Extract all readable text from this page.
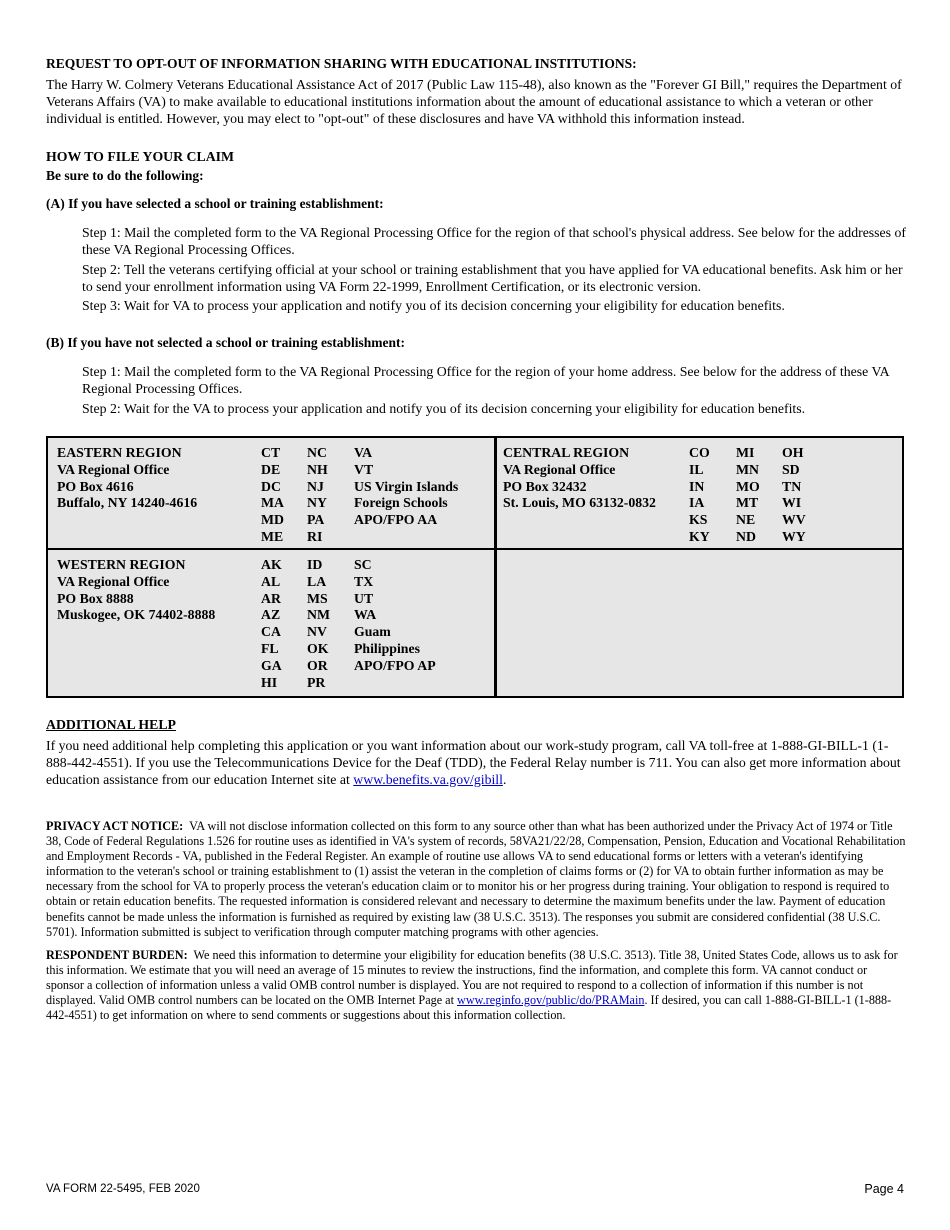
REQUEST TO OPT-OUT OF INFORMATION SHARING WITH EDUCATIONAL INSTITUTIONS:
The Harry W. Colmery Veterans Educational Assistance Act of 2017 (Public Law 115-48), also known as the "Forever GI Bill," requires the Department of Veterans Affairs (VA) to make available to educational institutions information about the amount of educational assistance to which a veteran or other individual is entitled. However, you may elect to "opt-out" of these disclosures and have VA withhold this information instead.
HOW TO FILE YOUR CLAIM
Be sure to do the following:
(A) If you have selected a school or training establishment:
Step 1: Mail the completed form to the VA Regional Processing Office for the region of that school's physical address. See below for the addresses of these VA Regional Processing Offices.
Step 2: Tell the veterans certifying official at your school or training establishment that you have applied for VA educational benefits. Ask him or her to send your enrollment information using VA Form 22-1999, Enrollment Certification, or its electronic version.
Step 3: Wait for VA to process your application and notify you of its decision concerning your eligibility for education benefits.
(B) If you have not selected a school or training establishment:
Step 1: Mail the completed form to the VA Regional Processing Office for the region of your home address. See below for the address of these VA Regional Processing Offices.
Step 2: Wait for the VA to process your application and notify you of its decision concerning your eligibility for education benefits.
EASTERN REGION
VA Regional Office
PO Box 4616
Buffalo, NY 14240-4616
CT
DE
DC
MA
MD
ME
NC
NH
NJ
NY
PA
RI
VA
VT
US Virgin Islands
Foreign Schools
APO/FPO AA
CENTRAL REGION
VA Regional Office
PO Box 32432
St. Louis, MO 63132-0832
CO
IL
IN
IA
KS
KY
MI
MN
MO
MT
NE
ND
OH
SD
TN
WI
WV
WY
WESTERN REGION
VA Regional Office
PO Box 8888
Muskogee, OK 74402-8888
AK
AL
AR
AZ
CA
FL
GA
HI
ID
LA
MS
NM
NV
OK
OR
PR
SC
TX
UT
WA
Guam
Philippines
APO/FPO AP
ADDITIONAL HELP
If you need additional help completing this application or you want information about our work-study program, call VA toll-free at 1-888-GI-BILL-1 (1-888-442-4551). If you use the Telecommunications Device for the Deaf (TDD), the Federal Relay number is 711. You can also get more information about education assistance from our education Internet site at www.benefits.va.gov/gibill.
PRIVACY ACT NOTICE: VA will not disclose information collected on this form to any source other than what has been authorized under the Privacy Act of 1974 or Title 38, Code of Federal Regulations 1.526 for routine uses as identified in VA's system of records, 58VA21/22/28, Compensation, Pension, Education and Vocational Rehabilitation and Employment Records - VA, published in the Federal Register. An example of routine use allows VA to send educational forms or letters with a veteran's identifying information to the veteran's school or training establishment to (1) assist the veteran in the completion of claims forms or (2) for VA to obtain further information as may be necessary from the school for VA to properly process the veteran's education claim or to monitor his or her progress during training. Your obligation to respond is required to obtain or retain education benefits. The requested information is considered relevant and necessary to determine the maximum benefits under the law. Payment of education benefits cannot be made unless the information is furnished as required by existing law (38 U.S.C. 3513). The responses you submit are considered confidential (38 U.S.C. 5701). Information submitted is subject to verification through computer matching programs with other agencies.
RESPONDENT BURDEN: We need this information to determine your eligibility for education benefits (38 U.S.C. 3513). Title 38, United States Code, allows us to ask for this information. We estimate that you will need an average of 15 minutes to review the instructions, find the information, and complete this form. VA cannot conduct or sponsor a collection of information unless a valid OMB control number is displayed. You are not required to respond to a collection of information if this number is not displayed. Valid OMB control numbers can be located on the OMB Internet Page at www.reginfo.gov/public/do/PRAMain. If desired, you can call 1-888-GI-BILL-1 (1-888-442-4551) to get information on where to send comments or suggestions about this information collection.
VA FORM 22-5495, FEB 2020	Page 4
